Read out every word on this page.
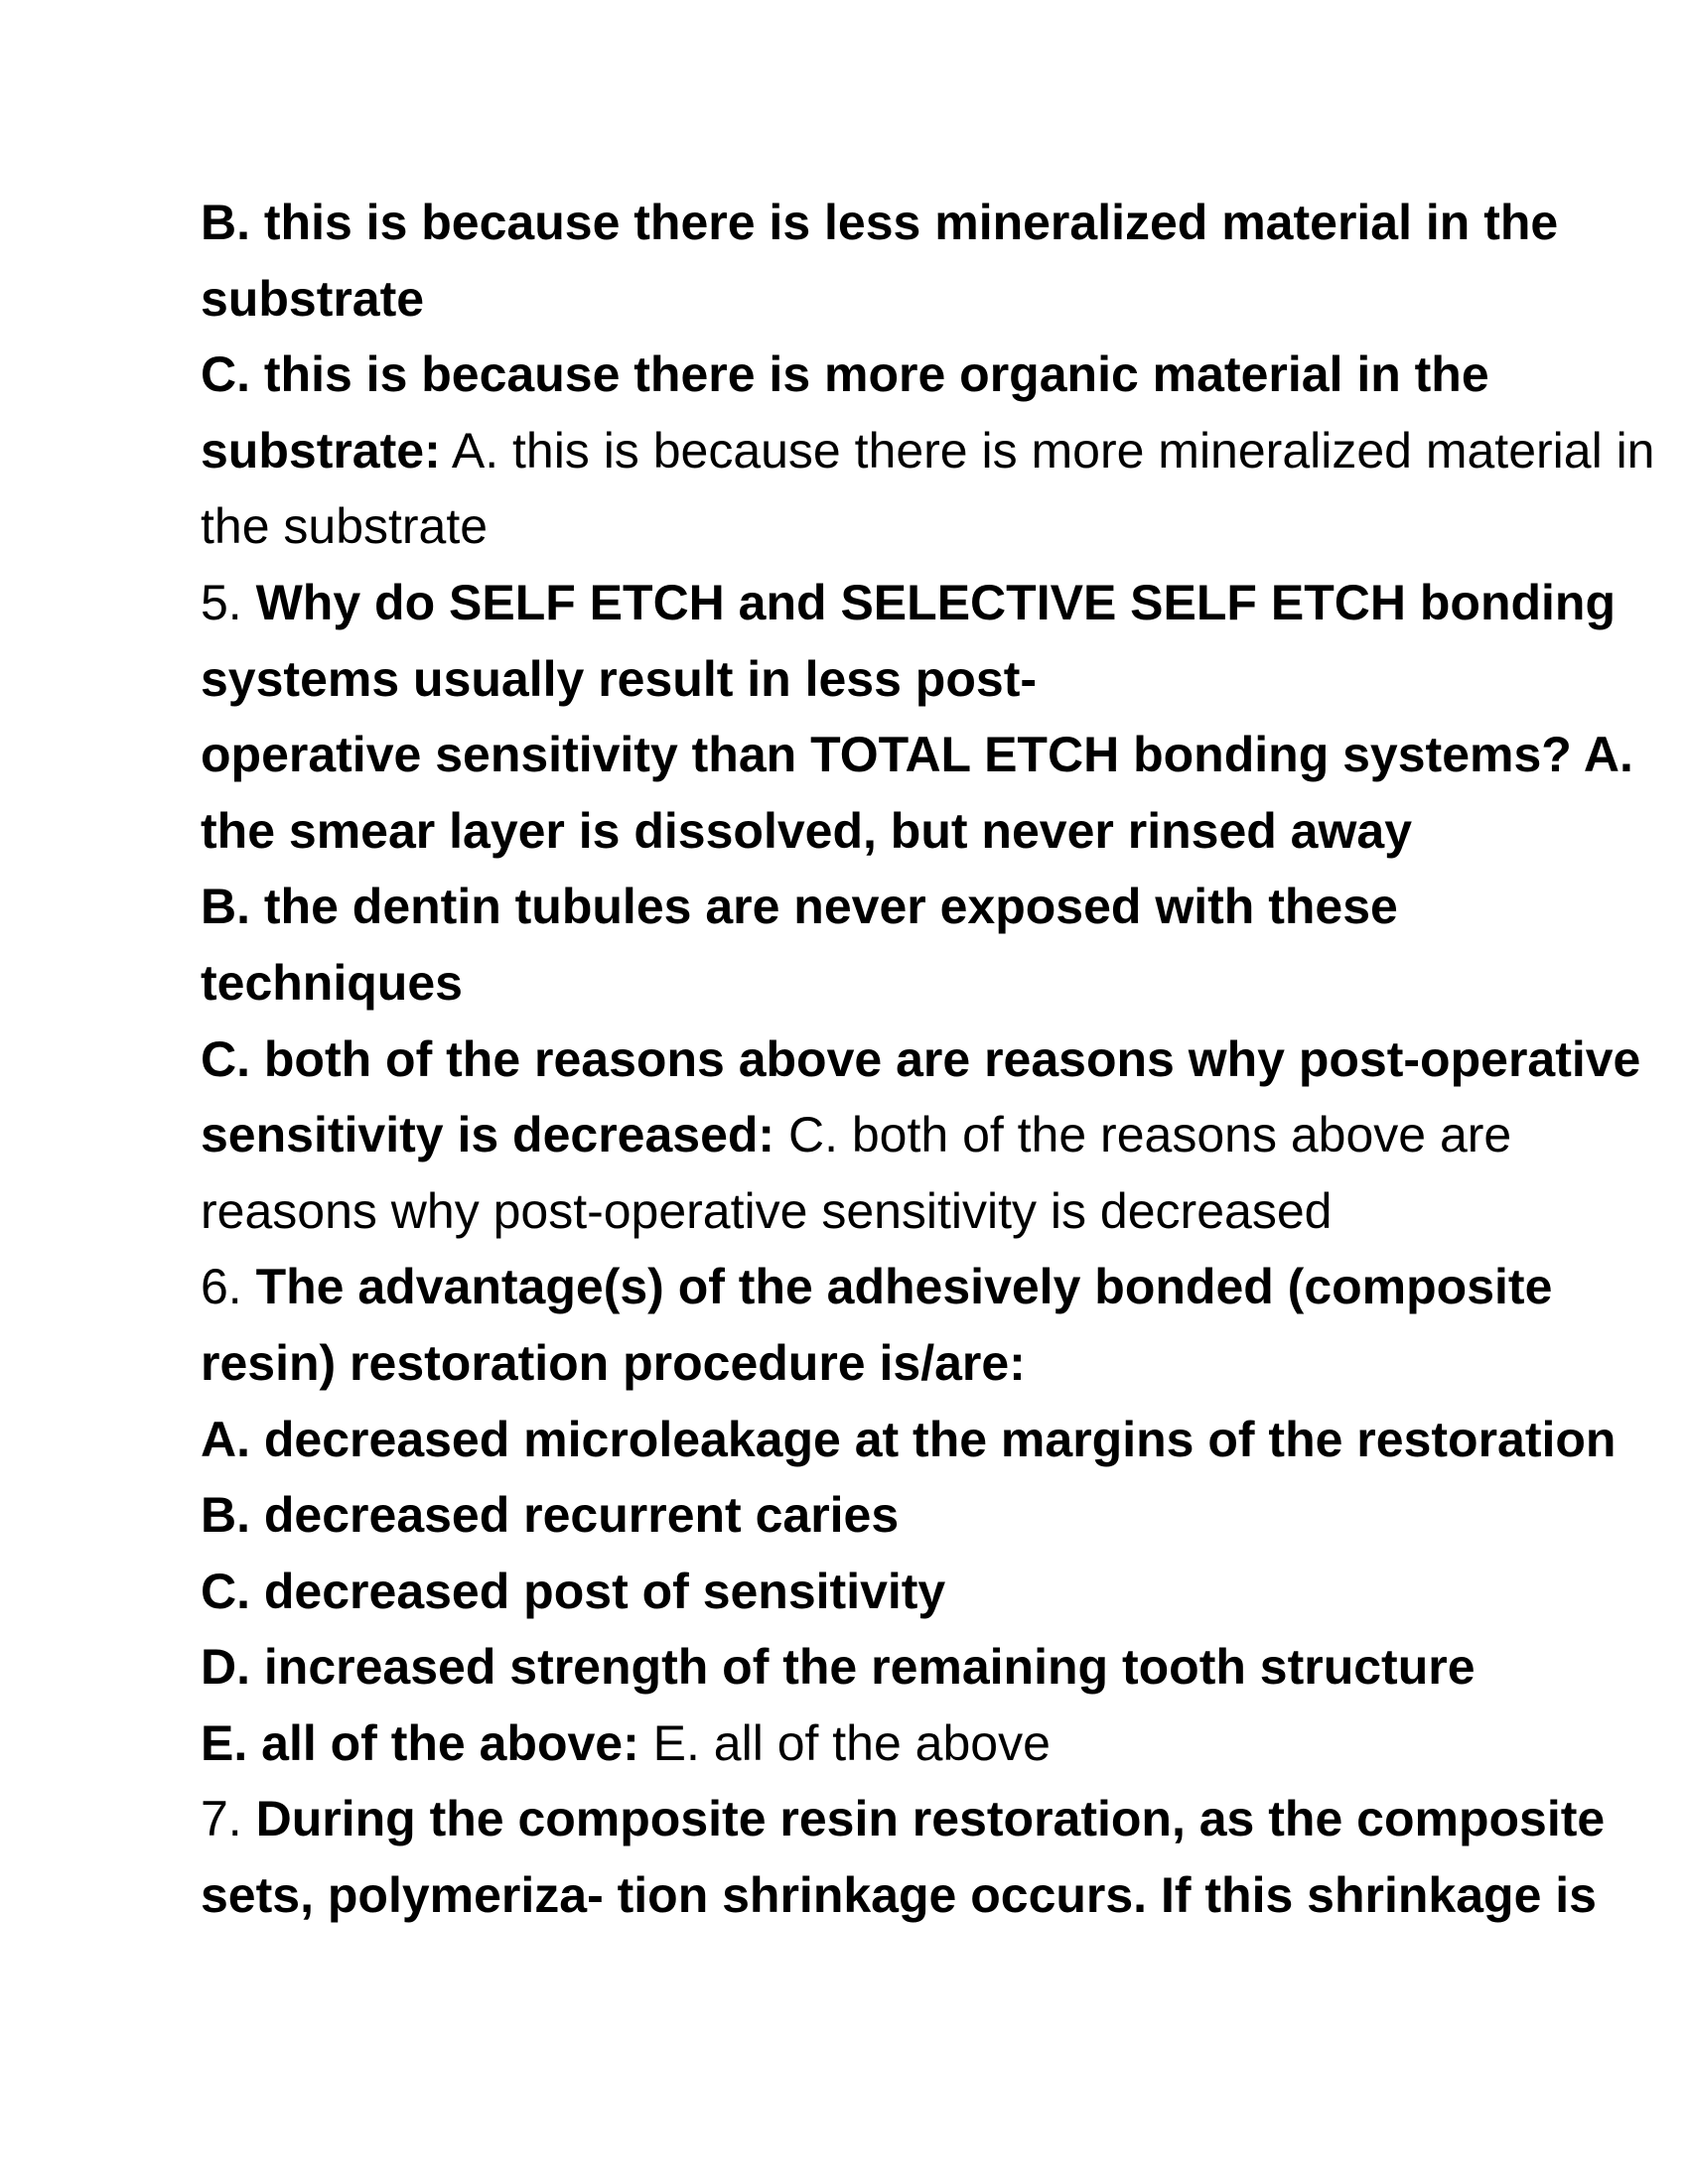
B. this is because there is less mineralized material in the
substrate
C. this is because there is more organic material in the
substrate: A. this is because there is more mineralized material in
the substrate
5. Why do SELF ETCH and SELECTIVE SELF ETCH bonding
systems usually result in less post-
operative sensitivity than TOTAL ETCH bonding systems? A.
the smear layer is dissolved, but never rinsed away
B. the dentin tubules are never exposed with these
techniques
C. both of the reasons above are reasons why post-operative
sensitivity is decreased: C. both of the reasons above are
reasons why post-operative sensitivity is decreased
6. The advantage(s) of the adhesively bonded (composite
resin) restoration procedure is/are:
A. decreased microleakage at the margins of the restoration
B. decreased recurrent caries
C. decreased post of sensitivity
D. increased strength of the remaining tooth structure
E. all of the above: E. all of the above
7. During the composite resin restoration, as the composite
sets, polymeriza- tion shrinkage occurs. If this shrinkage is
